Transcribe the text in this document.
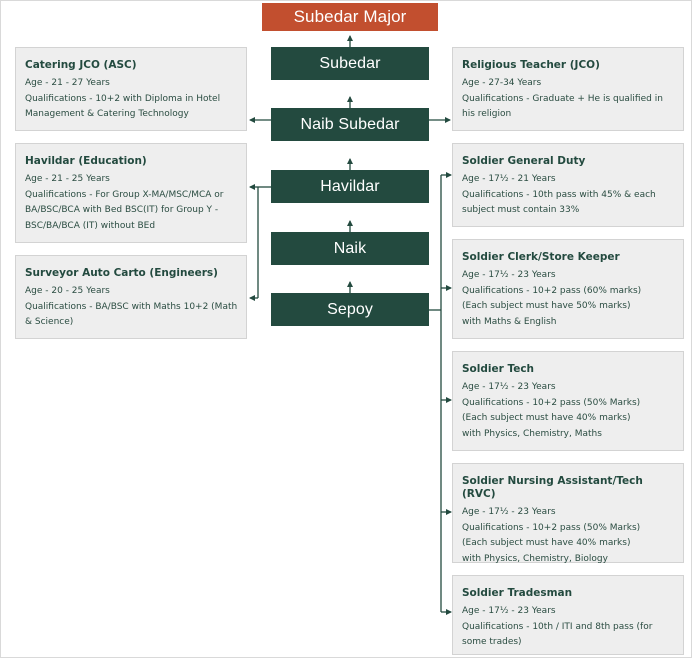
Subedar Major
Subedar
Naib Subedar
Havildar
Naik
Sepoy
Catering JCO (ASC)
Age - 21 - 27 Years
Qualifications - 10+2 with Diploma in Hotel Management & Catering Technology
Havildar (Education)
Age - 21 - 25 Years
Qualifications - For Group X-MA/MSC/MCA or BA/BSC/BCA with Bed BSC(IT) for Group Y - BSC/BA/BCA (IT) without BEd
Surveyor Auto Carto (Engineers)
Age - 20 - 25 Years
Qualifications - BA/BSC with Maths 10+2 (Math & Science)
Religious Teacher (JCO)
Age - 27-34 Years
Qualifications - Graduate + He is qualified in his religion
Soldier General Duty
Age - 17½ - 21 Years
Qualifications - 10th pass with 45% & each subject must contain 33%
Soldier Clerk/Store Keeper
Age - 17½ - 23 Years
Qualifications - 10+2 pass (60% marks)
(Each subject must have 50% marks)
with Maths & English
Soldier Tech
Age - 17½ - 23 Years
Qualifications - 10+2 pass (50% Marks)
(Each subject must have 40% marks)
with Physics, Chemistry, Maths
Soldier Nursing Assistant/Tech (RVC)
Age - 17½ - 23 Years
Qualifications - 10+2 pass (50% Marks)
(Each subject must have 40% marks)
with Physics, Chemistry, Biology
Soldier Tradesman
Age - 17½ - 23 Years
Qualifications - 10th / ITI and 8th pass (for some trades)
